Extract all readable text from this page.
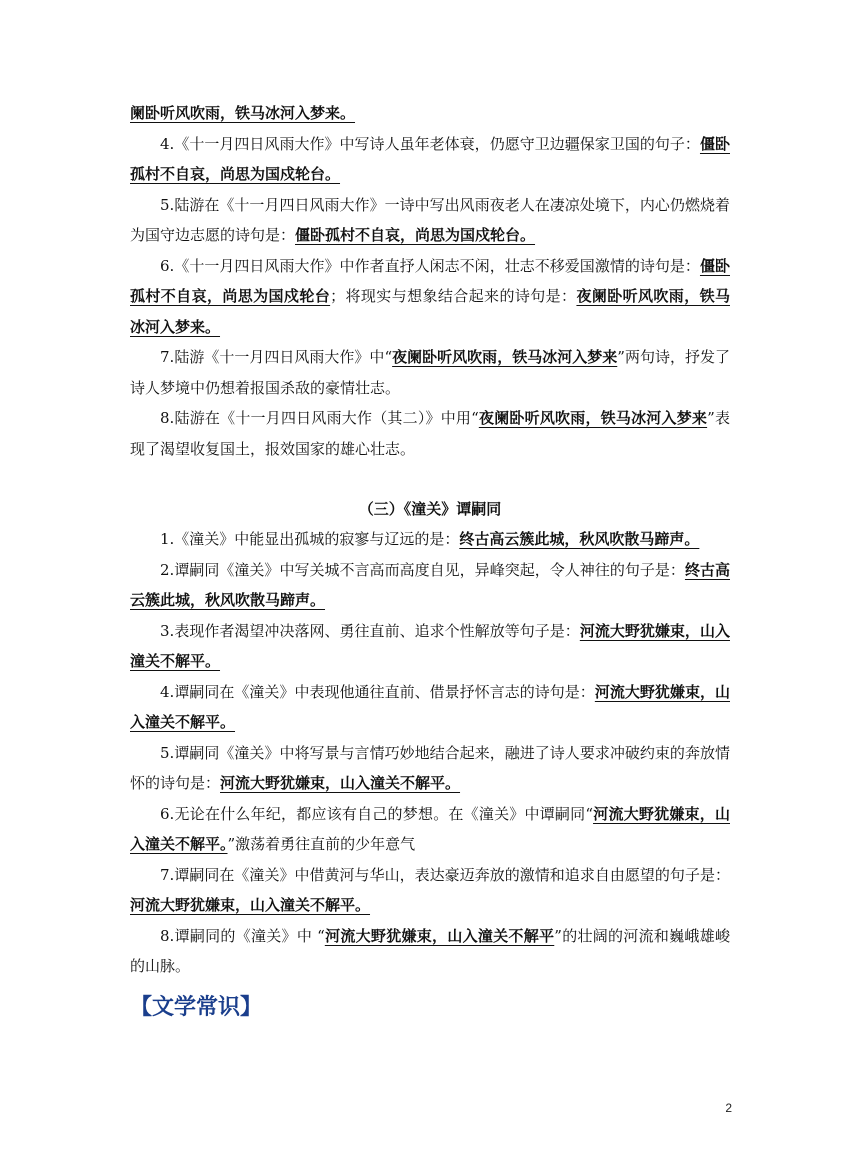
阑卧听风吹雨，铁马冰河入梦来。

4.《十一月四日风雨大作》中写诗人虽年老体衰，仍愿守卫边疆保家卫国的句子：僵卧孤村不自哀，尚思为国戍轮台。

5.陆游在《十一月四日风雨大作》一诗中写出风雨夜老人在凄凉处境下，内心仍燃烧着为国守边志愿的诗句是：僵卧孤村不自哀，尚思为国戍轮台。

6.《十一月四日风雨大作》中作者直抒人闲志不闲，壮志不移爱国激情的诗句是：僵卧孤村不自哀，尚思为国戍轮台；将现实与想象结合起来的诗句是：夜阑卧听风吹雨，铁马冰河入梦来。

7.陆游《十一月四日风雨大作》中“夜阑卧听风吹雨，铁马冰河入梦来”两句诗，抒发了诗人梦境中仍想着报国杀敌的豪情壮志。

8.陆游在《十一月四日风雨大作（其二）》中用“夜阑卧听风吹雨，铁马冰河入梦来”表现了渴望收复国土，报效国家的雄心壮志。

（三）《潼关》谭嗣同

1.《潼关》中能显出孤城的寂寥与辽远的是：终古高云簇此城，秋风吹散马蹄声。

2.谭嗣同《潼关》中写关城不言高而高度自见，异峰突起，令人神往的句子是：终古高云簇此城，秋风吹散马蹄声。

3.表现作者渴望冲决落网、勇往直前、追求个性解放等句子是：河流大野犹嫌束，山入潼关不解平。

4.谭嗣同在《潼关》中表现他通往直前、借景抒怀言志的诗句是：河流大野犹嫌束，山入潼关不解平。

5.谭嗣同《潼关》中将写景与言情巧妙地结合起来，融进了诗人要求冲破约束的奔放情怀的诗句是：河流大野犹嫌束，山入潼关不解平。

6.无论在什么年纪，都应该有自己的梦想。在《潼关》中谭嗣同“河流大野犹嫌束，山入潼关不解平。”激荡着勇往直前的少年意气

7.谭嗣同在《潼关》中借黄河与华山，表达豪迈奔放的激情和追求自由愿望的句子是：河流大野犹嫌束，山入潼关不解平。

8.谭嗣同的《潼关》中 “河流大野犹嫌束，山入潼关不解平”的壮阔的河流和巍峨雄峻的山脉。

【文学常识】
2
